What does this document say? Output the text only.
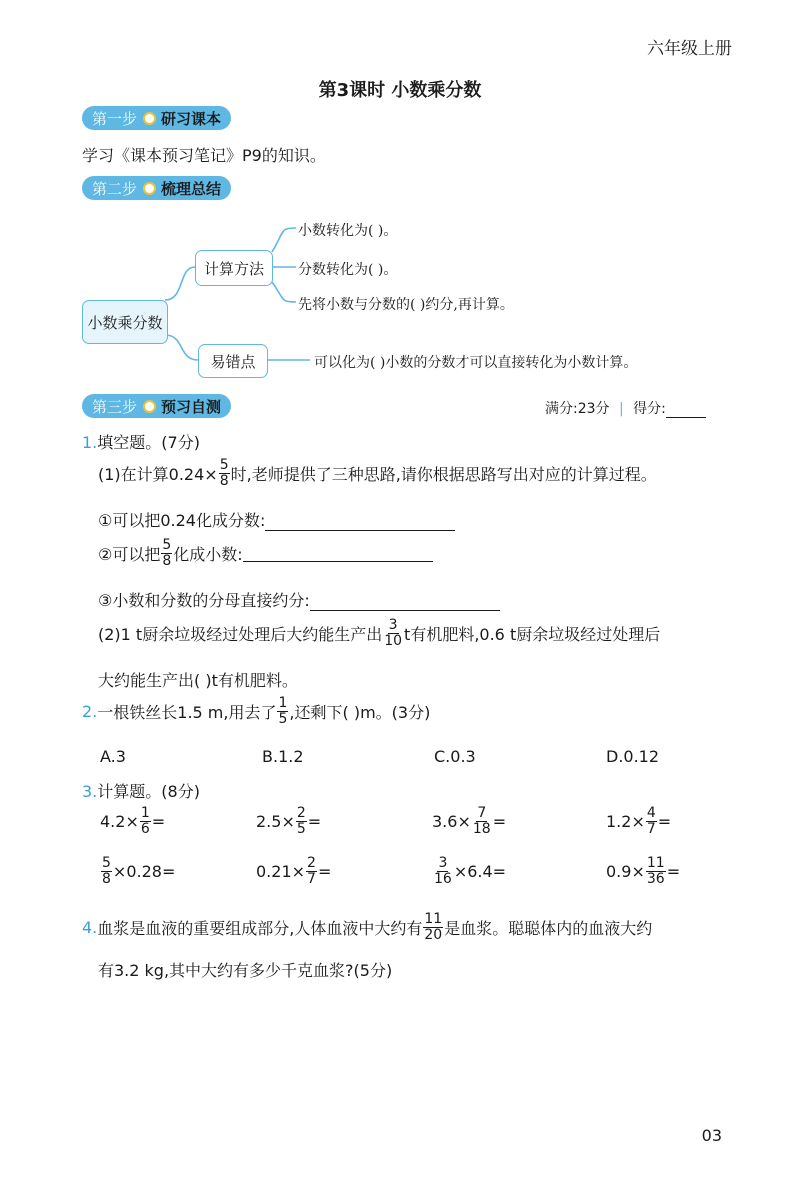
六年级上册
第3课时 小数乘分数
第一步 研习课本
学习《课本预习笔记》P9的知识。
第二步 梳理总结
小数乘分数
计算方法
易错点
小数转化为( )。
分数转化为( )。
先将小数与分数的( )约分,再计算。
可以化为( )小数的分数才可以直接转化为小数计算。
第三步 预习自测	满分:23分 | 得分:
1.填空题。(7分)
(1)在计算$0.24\times \frac{5}{8}$ 时,老师提供了三种思路,请你根据思路写出对应的计算过程。
①可以把0.24化成分数:
②可以把 $\frac{5}{8}$ 化成小数:
③小数和分数的分母直接约分:
(2)1 t厨余垃圾经过处理后大约能生产出 $\frac{3}{10}$ t有机肥料,0.6 t厨余垃圾经过处理后
大约能生产出( )t有机肥料。
2. 一根铁丝长1.5 m,用去了 $\frac{1}{5}$ ,还剩下( )m。(3分)
A.3	B.1.2	C.0.3	D.0.12
3.计算题。(8分)
$4.2\times \frac{1}{6}$ =	$2.5\times \frac{2}{5}$ =	$3.6\times \frac{7}{18}$ =	$1.2\times \frac{4}{7}$ =
$\frac{5}{8} \times 0.28=$	$0.21\times \frac{2}{7}$ =	$\frac{3}{16} \times 6.4=$	$0.9\times \frac{11}{36}$ =
4. 血浆是血液的重要组成部分,人体血液中大约有 $\frac{11}{20}$ 是血浆。聪聪体内的血液大约
有3.2 kg,其中大约有多少千克血浆?(5分)
03
